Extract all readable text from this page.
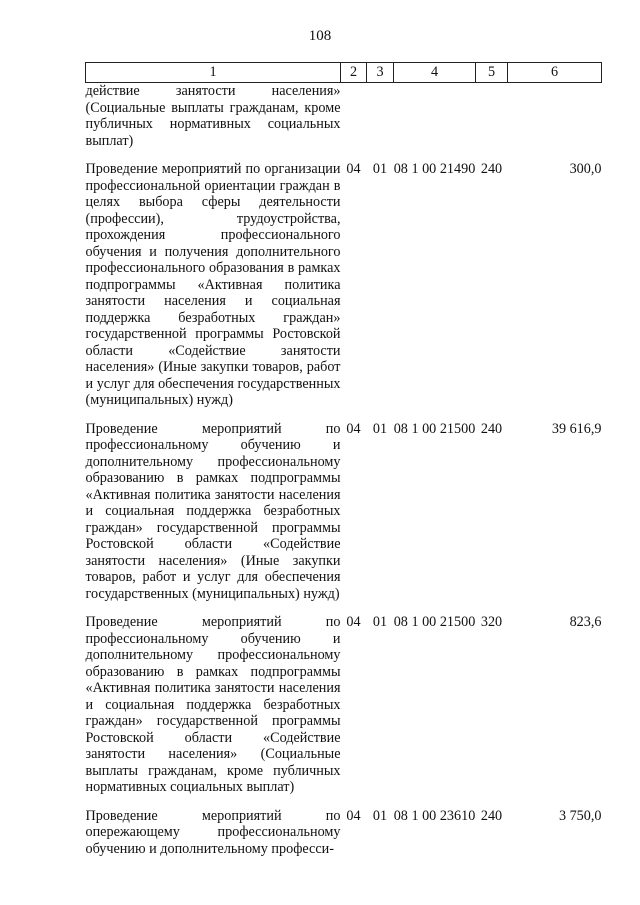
108
1	2	3	4	5	6
действие занятости населения» (Социальные выплаты гражданам, кроме публичных нормативных социальных выплат)					

Проведение мероприятий по организации профессиональной ориентации граждан в целях выбора сферы деятельности (профессии), трудоустройства, прохождения профессионального обучения и получения дополнительного профессионального образования в рамках подпрограммы «Активная политика занятости населения и социальная поддержка безработных граждан» государственной программы Ростовской области «Содействие занятости населения» (Иные закупки товаров, работ и услуг для обеспечения государственных (муниципальных) нужд)	04	01	08 1 00 21490	240	300,0

Проведение мероприятий по профессиональному обучению и дополнительному профессиональному образованию в рамках подпрограммы «Активная политика занятости населения и социальная поддержка безработных граждан» государственной программы Ростовской области «Содействие занятости населения» (Иные закупки товаров, работ и услуг для обеспечения государственных (муниципальных) нужд)	04	01	08 1 00 21500	240	39 616,9

Проведение мероприятий по профессиональному обучению и дополнительному профессиональному образованию в рамках подпрограммы «Активная политика занятости населения и социальная поддержка безработных граждан» государственной программы Ростовской области «Содействие занятости населения» (Социальные выплаты гражданам, кроме публичных нормативных социальных выплат)	04	01	08 1 00 21500	320	823,6

Проведение мероприятий по опережающему профессиональному обучению и дополнительному професси-	04	01	08 1 00 23610	240	3 750,0
